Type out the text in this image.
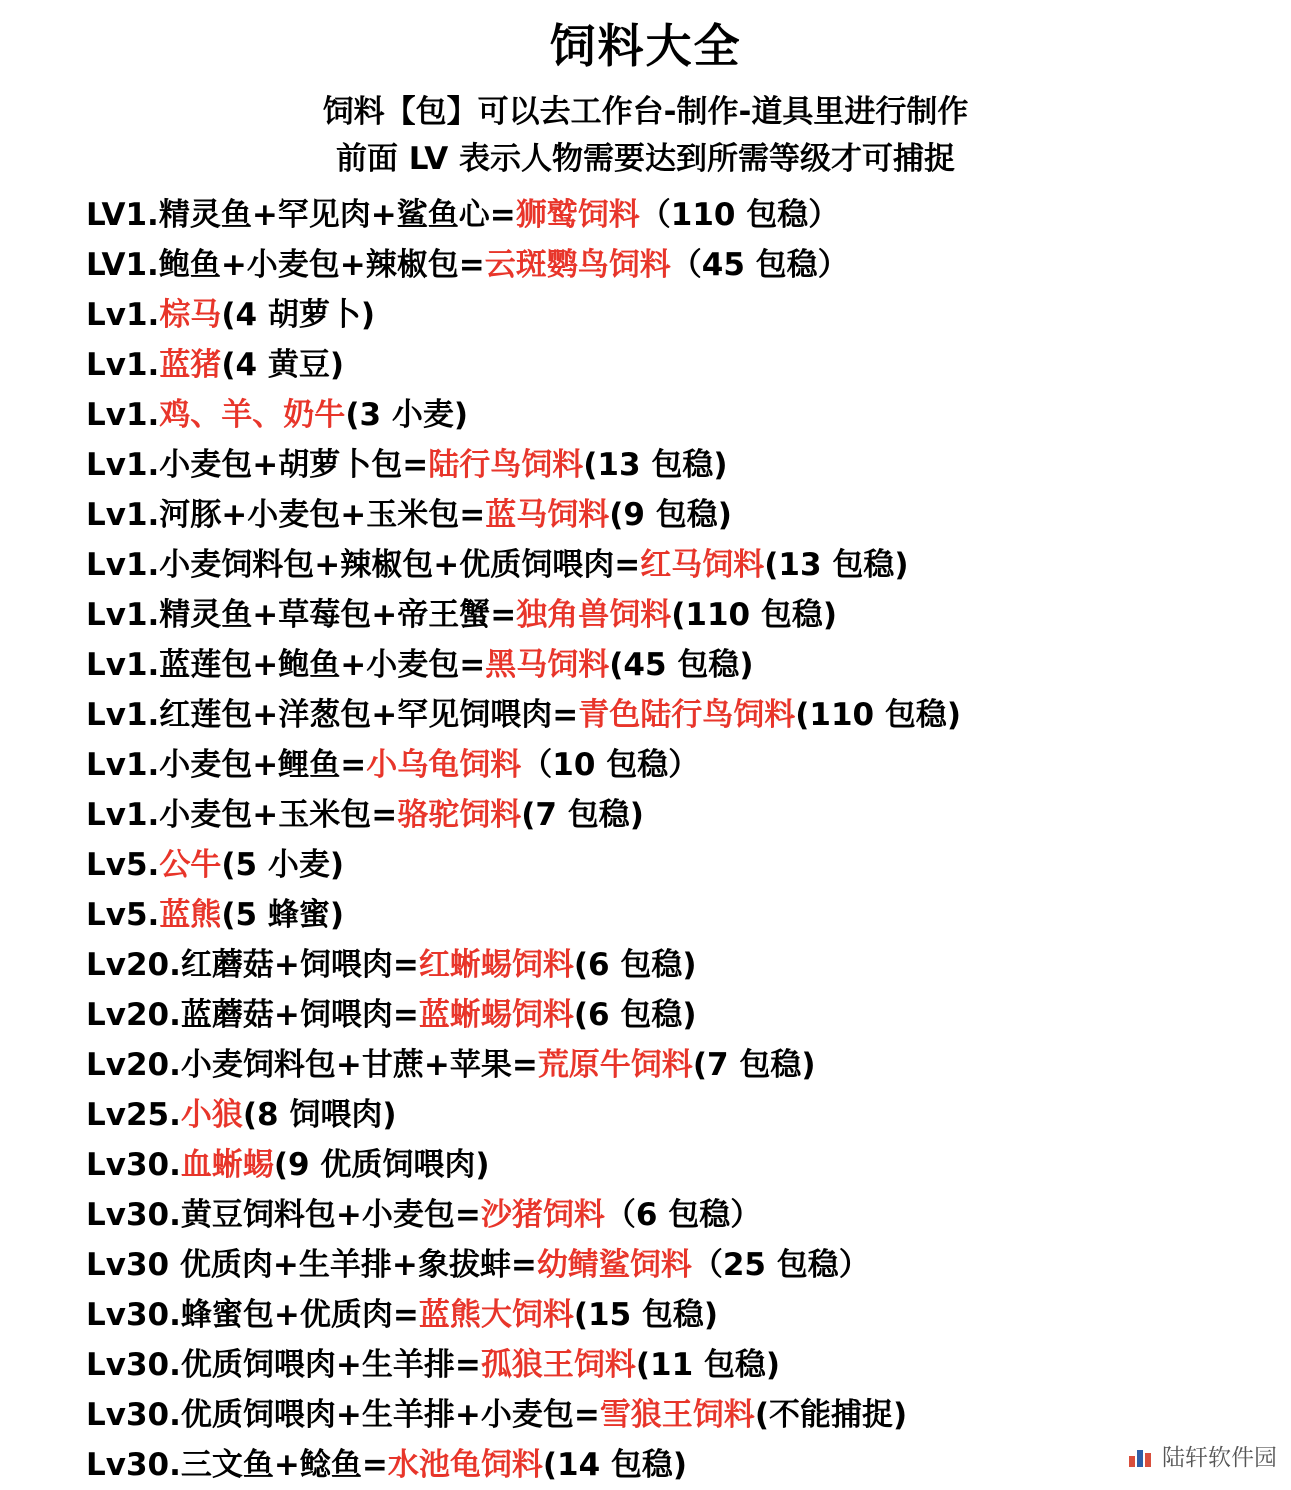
饲料大全
饲料【包】可以去工作台-制作-道具里进行制作
前面 LV 表示人物需要达到所需等级才可捕捉
LV1.精灵鱼+罕见肉+鲨鱼心=狮鹫饲料（110 包稳）
LV1.鲍鱼+小麦包+辣椒包=云斑鹦鸟饲料（45 包稳）
Lv1.棕马(4 胡萝卜)
Lv1.蓝猪(4 黄豆)
Lv1.鸡、羊、奶牛(3 小麦)
Lv1.小麦包+胡萝卜包=陆行鸟饲料(13 包稳)
Lv1.河豚+小麦包+玉米包=蓝马饲料(9 包稳)
Lv1.小麦饲料包+辣椒包+优质饲喂肉=红马饲料(13 包稳)
Lv1.精灵鱼+草莓包+帝王蟹=独角兽饲料(110 包稳)
Lv1.蓝莲包+鲍鱼+小麦包=黑马饲料(45 包稳)
Lv1.红莲包+洋葱包+罕见饲喂肉=青色陆行鸟饲料(110 包稳)
Lv1.小麦包+鲤鱼=小乌龟饲料（10 包稳）
Lv1.小麦包+玉米包=骆驼饲料(7 包稳)
Lv5.公牛(5 小麦)
Lv5.蓝熊(5 蜂蜜)
Lv20.红蘑菇+饲喂肉=红蜥蜴饲料(6 包稳)
Lv20.蓝蘑菇+饲喂肉=蓝蜥蜴饲料(6 包稳)
Lv20.小麦饲料包+甘蔗+苹果=荒原牛饲料(7 包稳)
Lv25.小狼(8 饲喂肉)
Lv30.血蜥蜴(9 优质饲喂肉)
Lv30.黄豆饲料包+小麦包=沙猪饲料（6 包稳）
Lv30 优质肉+生羊排+象拔蚌=幼鲭鲨饲料（25 包稳）
Lv30.蜂蜜包+优质肉=蓝熊大饲料(15 包稳)
Lv30.优质饲喂肉+生羊排=孤狼王饲料(11 包稳)
Lv30.优质饲喂肉+生羊排+小麦包=雪狼王饲料(不能捕捉)
Lv30.三文鱼+鲶鱼=水池龟饲料(14 包稳)	陆轩软件园
